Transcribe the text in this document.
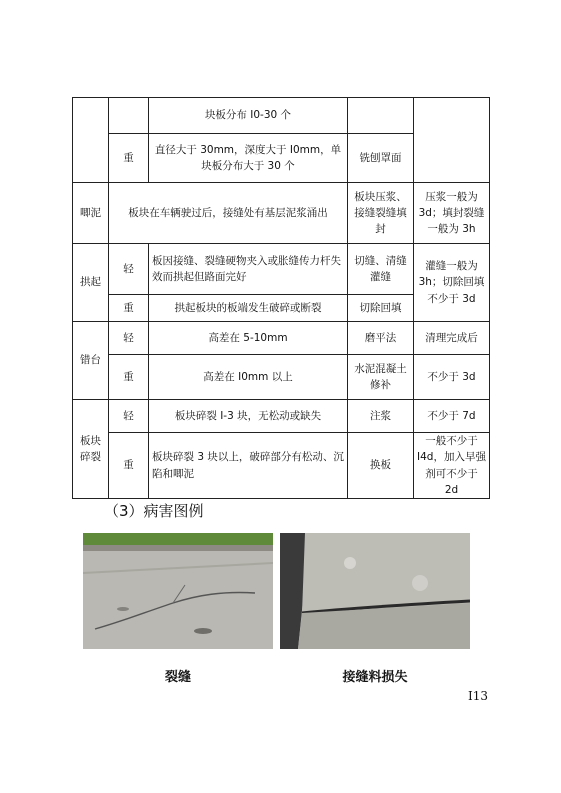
		块板分布 I0-30 个		
	重	直径大于 30mm，深度大于 I0mm，单块板分布大于 30 个	铣刨罩面	
唧泥	板块在车辆驶过后，接缝处有基层泥浆涌出		板块压浆、接缝裂缝填封	压浆一般为 3d；填封裂缝一般为 3h
拱起	轻	板因接缝、裂缝硬物夹入或胀缝传力杆失效而拱起但路面完好	切缝、清缝灌缝	灌缝一般为 3h；切除回填不少于 3d
	重	拱起板块的板端发生破碎或断裂	切除回填	
错台	轻	高差在 5-10mm	磨平法	清理完成后
	重	高差在 I0mm 以上	水泥混凝土修补	不少于 3d
板块碎裂	轻	板块碎裂 I-3 块，无松动或缺失	注浆	不少于 7d
	重	板块碎裂 3 块以上，破碎部分有松动、沉陷和唧泥	换板	一般不少于 I4d，加入早强剂可不少于 2d
（3）病害图例
裂缝	接缝料损失
I13
